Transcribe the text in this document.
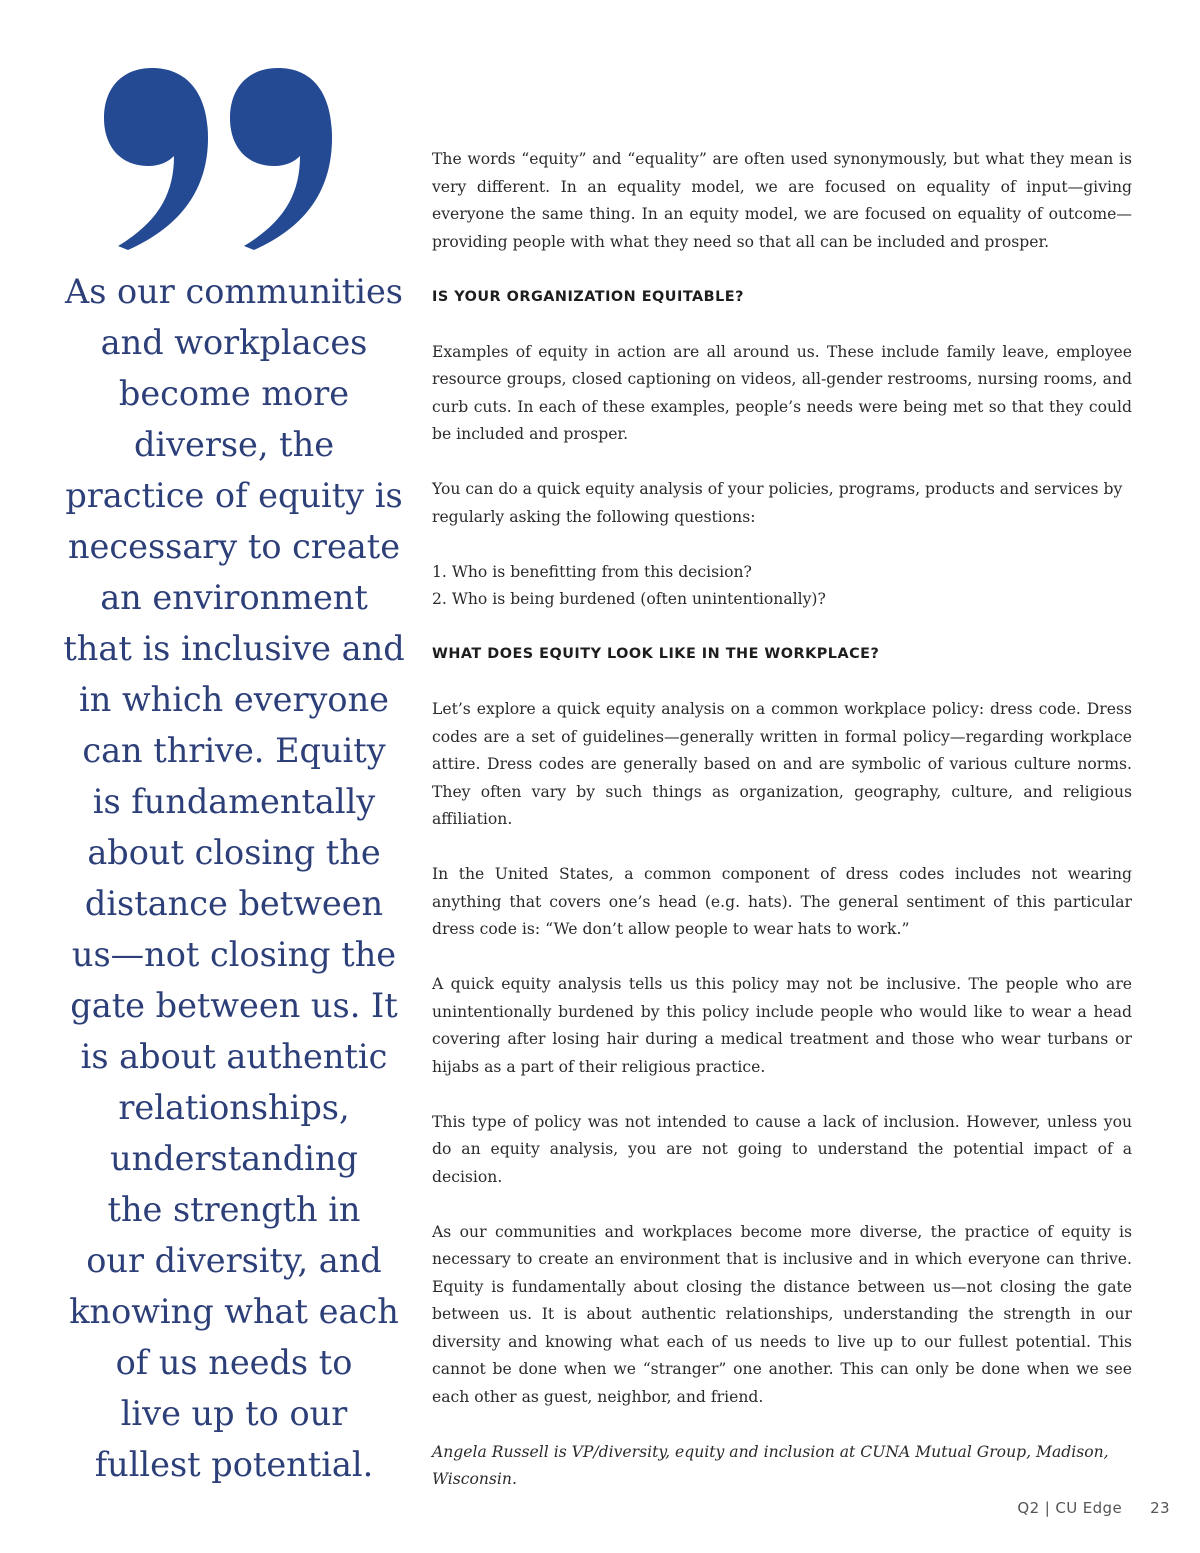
As our communities
and workplaces
become more
diverse, the
practice of equity is
necessary to create
an environment
that is inclusive and
in which everyone
can thrive. Equity
is fundamentally
about closing the
distance between
us—not closing the
gate between us. It
is about authentic
relationships,
understanding
the strength in
our diversity, and
knowing what each
of us needs to
live up to our
fullest potential.

The words “equity” and “equality” are often used synonymously, but what they mean is very different. In an equality model, we are focused on equality of input—giving everyone the same thing. In an equity model, we are focused on equality of outcome—providing people with what they need so that all can be included and prosper.

IS YOUR ORGANIZATION EQUITABLE?

Examples of equity in action are all around us. These include family leave, employee resource groups, closed captioning on videos, all-gender restrooms, nursing rooms, and curb cuts. In each of these examples, people’s needs were being met so that they could be included and prosper.

You can do a quick equity analysis of your policies, programs, products and services by regularly asking the following questions:

1. Who is benefitting from this decision?
2. Who is being burdened (often unintentionally)?
WHAT DOES EQUITY LOOK LIKE IN THE WORKPLACE?

Let’s explore a quick equity analysis on a common workplace policy: dress code. Dress codes are a set of guidelines—generally written in formal policy—regarding workplace attire. Dress codes are generally based on and are symbolic of various culture norms. They often vary by such things as organization, geography, culture, and religious affiliation.

In the United States, a common component of dress codes includes not wearing anything that covers one’s head (e.g. hats). The general sentiment of this particular dress code is: “We don’t allow people to wear hats to work.”

A quick equity analysis tells us this policy may not be inclusive. The people who are unintentionally burdened by this policy include people who would like to wear a head covering after losing hair during a medical treatment and those who wear turbans or hijabs as a part of their religious practice.

This type of policy was not intended to cause a lack of inclusion. However, unless you do an equity analysis, you are not going to understand the potential impact of a decision.

As our communities and workplaces become more diverse, the practice of equity is necessary to create an environment that is inclusive and in which everyone can thrive. Equity is fundamentally about closing the distance between us—not closing the gate between us. It is about authentic relationships, understanding the strength in our diversity and knowing what each of us needs to live up to our fullest potential. This cannot be done when we “stranger” one another. This can only be done when we see each other as guest, neighbor, and friend.

Angela Russell is VP/diversity, equity and inclusion at CUNA Mutual Group, Madison, Wisconsin.

Q2 | CU Edge 23
